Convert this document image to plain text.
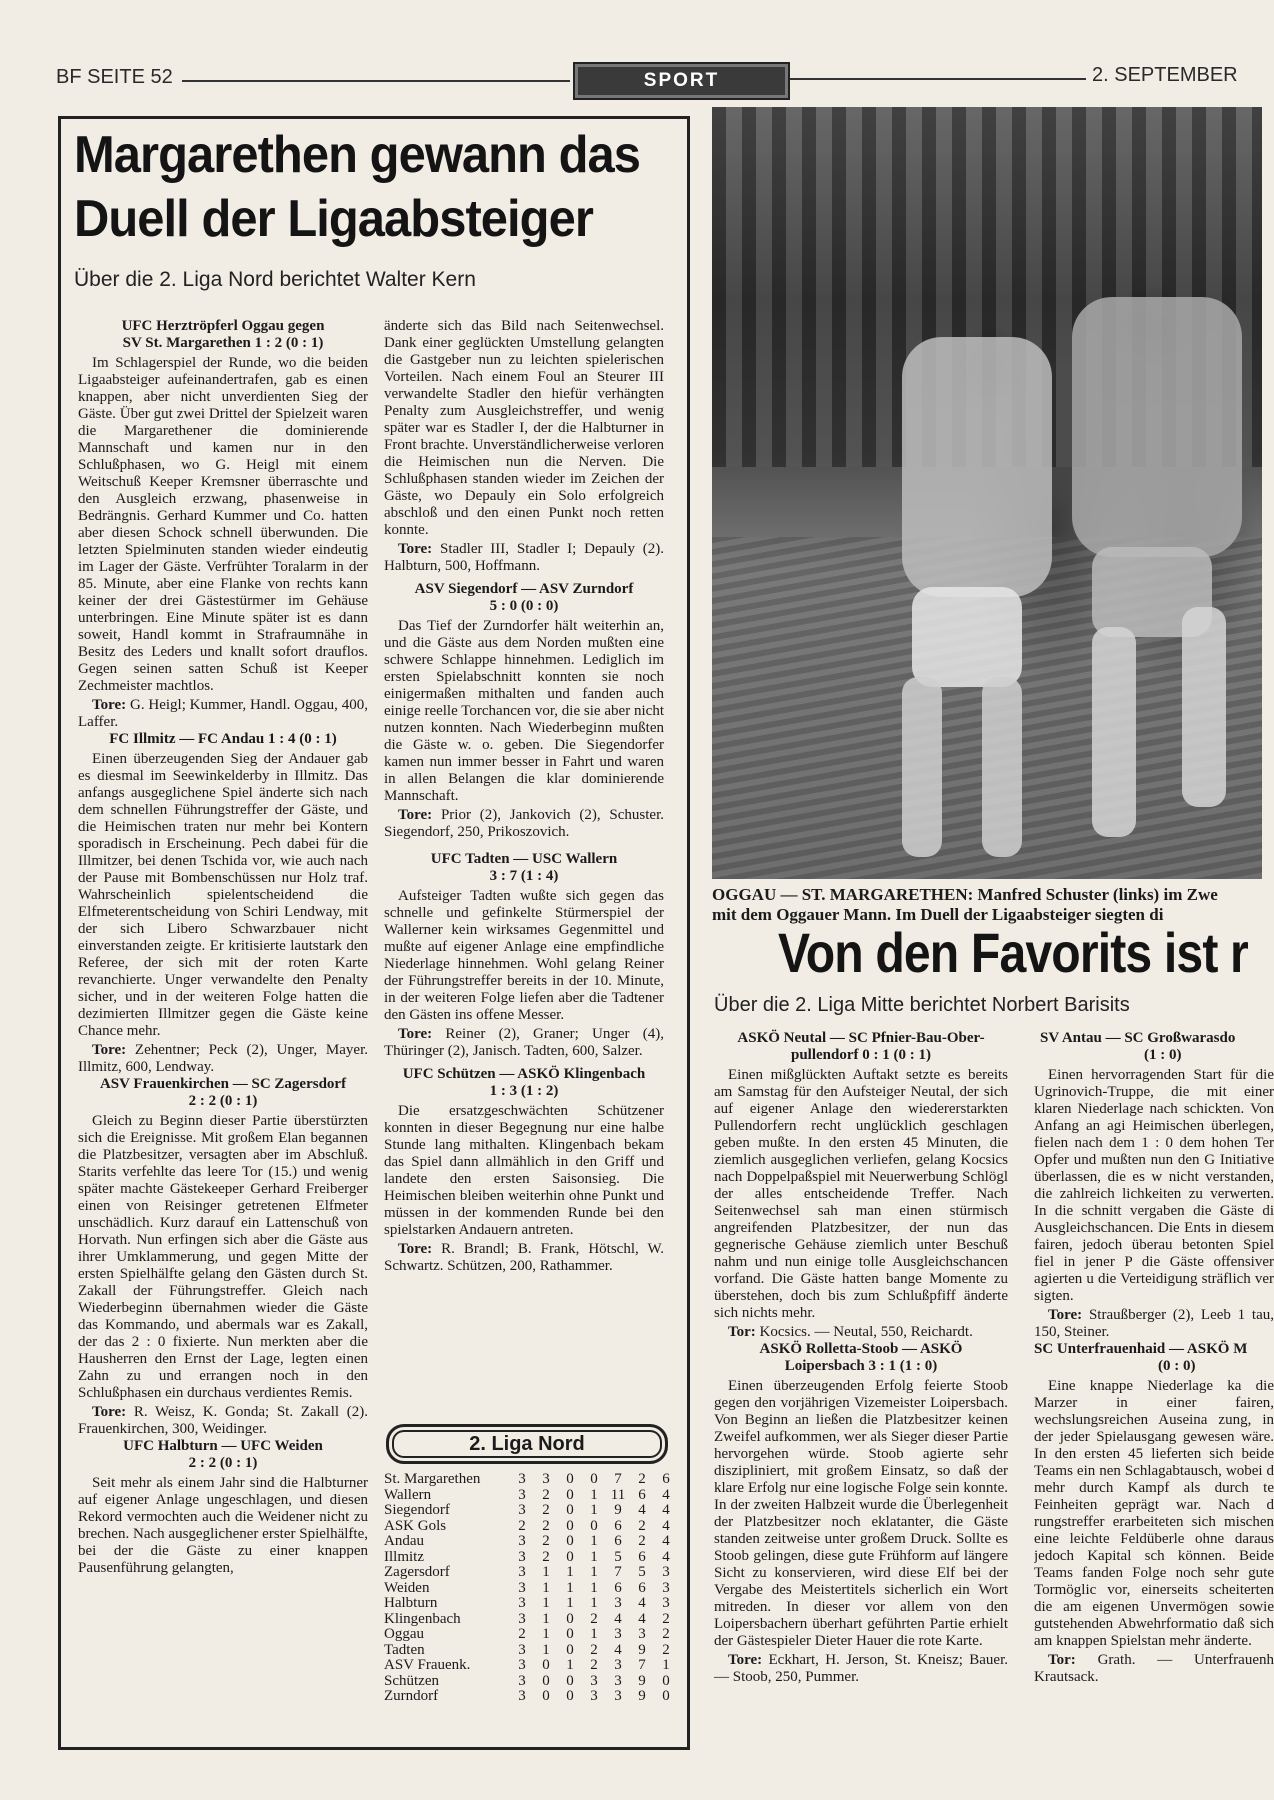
BF SEITE 52	SPORT	2. SEPTEMBER
Margarethen gewann das
Duell der Ligaabsteiger
Über die 2. Liga Nord berichtet Walter Kern
UFC Herztröpferl Oggau gegen
SV St. Margarethen 1 : 2 (0 : 1)

Im Schlagerspiel der Runde, wo die beiden Ligaabsteiger aufeinandertrafen, gab es einen knappen, aber nicht unverdienten Sieg der Gäste. Über gut zwei Drittel der Spielzeit waren die Margarethener die dominierende Mannschaft und kamen nur in den Schlußphasen, wo G. Heigl mit einem Weitschuß Keeper Kremsner überraschte und den Ausgleich erzwang, phasenweise in Bedrängnis. Gerhard Kummer und Co. hatten aber diesen Schock schnell überwunden. Die letzten Spielminuten standen wieder eindeutig im Lager der Gäste. Verfrühter Toralarm in der 85. Minute, aber eine Flanke von rechts kann keiner der drei Gästestürmer im Gehäuse unterbringen. Eine Minute später ist es dann soweit, Handl kommt in Strafraumnähe in Besitz des Leders und knallt sofort drauflos. Gegen seinen satten Schuß ist Keeper Zechmeister machtlos.

Tore: G. Heigl; Kummer, Handl. Oggau, 400, Laffer.
FC Illmitz — FC Andau 1 : 4 (0 : 1)

Einen überzeugenden Sieg der Andauer gab es diesmal im Seewinkelderby in Illmitz. Das anfangs ausgeglichene Spiel änderte sich nach dem schnellen Führungstreffer der Gäste, und die Heimischen traten nur mehr bei Kontern sporadisch in Erscheinung. Pech dabei für die Illmitzer, bei denen Tschida vor, wie auch nach der Pause mit Bombenschüssen nur Holz traf. Wahrscheinlich spielentscheidend die Elfmeterentscheidung von Schiri Lendway, mit der sich Libero Schwarzbauer nicht einverstanden zeigte. Er kritisierte lautstark den Referee, der sich mit der roten Karte revanchierte. Unger verwandelte den Penalty sicher, und in der weiteren Folge hatten die dezimierten Illmitzer gegen die Gäste keine Chance mehr.

Tore: Zehentner; Peck (2), Unger, Mayer. Illmitz, 600, Lendway.
ASV Frauenkirchen — SC Zagersdorf
2 : 2 (0 : 1)

Gleich zu Beginn dieser Partie überstürzten sich die Ereignisse. Mit großem Elan begannen die Platzbesitzer, versagten aber im Abschluß. Starits verfehlte das leere Tor (15.) und wenig später machte Gästekeeper Gerhard Freiberger einen von Reisinger getretenen Elfmeter unschädlich. Kurz darauf ein Lattenschuß von Horvath. Nun erfingen sich aber die Gäste aus ihrer Umklammerung, und gegen Mitte der ersten Spielhälfte gelang den Gästen durch St. Zakall der Führungstreffer. Gleich nach Wiederbeginn übernahmen wieder die Gäste das Kommando, und abermals war es Zakall, der das 2 : 0 fixierte. Nun merkten aber die Hausherren den Ernst der Lage, legten einen Zahn zu und errangen noch in den Schlußphasen ein durchaus verdientes Remis.

Tore: R. Weisz, K. Gonda; St. Zakall (2). Frauenkirchen, 300, Weidinger.
UFC Halbturn — UFC Weiden
2 : 2 (0 : 1)

Seit mehr als einem Jahr sind die Halbturner auf eigener Anlage ungeschlagen, und diesen Rekord vermochten auch die Weidener nicht zu brechen. Nach ausgeglichener erster Spielhälfte, bei der die Gäste zu einer knappen Pausenführung gelangten,

änderte sich das Bild nach Seitenwechsel. Dank einer geglückten Umstellung gelangten die Gastgeber nun zu leichten spielerischen Vorteilen. Nach einem Foul an Steurer III verwandelte Stadler den hiefür verhängten Penalty zum Ausgleichstreffer, und wenig später war es Stadler I, der die Halbturner in Front brachte. Unverständlicherweise verloren die Heimischen nun die Nerven. Die Schlußphasen standen wieder im Zeichen der Gäste, wo Depauly ein Solo erfolgreich abschloß und den einen Punkt noch retten konnte.

Tore: Stadler III, Stadler I; Depauly (2). Halbturn, 500, Hoffmann.
ASV Siegendorf — ASV Zurndorf
5 : 0 (0 : 0)

Das Tief der Zurndorfer hält weiterhin an, und die Gäste aus dem Norden mußten eine schwere Schlappe hinnehmen. Lediglich im ersten Spielabschnitt konnten sie noch einigermaßen mithalten und fanden auch einige reelle Torchancen vor, die sie aber nicht nutzen konnten. Nach Wiederbeginn mußten die Gäste w. o. geben. Die Siegendorfer kamen nun immer besser in Fahrt und waren in allen Belangen die klar dominierende Mannschaft.

Tore: Prior (2), Jankovich (2), Schuster. Siegendorf, 250, Prikoszovich.
UFC Tadten — USC Wallern
3 : 7 (1 : 4)

Aufsteiger Tadten wußte sich gegen das schnelle und gefinkelte Stürmerspiel der Wallerner kein wirksames Gegenmittel und mußte auf eigener Anlage eine empfindliche Niederlage hinnehmen. Wohl gelang Reiner der Führungstreffer bereits in der 10. Minute, in der weiteren Folge liefen aber die Tadtener den Gästen ins offene Messer.

Tore: Reiner (2), Graner; Unger (4), Thüringer (2), Janisch. Tadten, 600, Salzer.
UFC Schützen — ASKÖ Klingenbach
1 : 3 (1 : 2)

Die ersatzgeschwächten Schützener konnten in dieser Begegnung nur eine halbe Stunde lang mithalten. Klingenbach bekam das Spiel dann allmählich in den Griff und landete den ersten Saisonsieg. Die Heimischen bleiben weiterhin ohne Punkt und müssen in der kommenden Runde bei den spielstarken Andauern antreten.

Tore: R. Brandl; B. Frank, Hötschl, W. Schwartz. Schützen, 200, Rathammer.
2. Liga Nord
St. Margarethen	3	3	0	0	7	2	6
Wallern	3	2	0	1	11	6	4
Siegendorf	3	2	0	1	9	4	4
ASK Gols	2	2	0	0	6	2	4
Andau	3	2	0	1	6	2	4
Illmitz	3	2	0	1	5	6	4
Zagersdorf	3	1	1	1	7	5	3
Weiden	3	1	1	1	6	6	3
Halbturn	3	1	1	1	3	4	3
Klingenbach	3	1	0	2	4	4	2
Oggau	2	1	0	1	3	3	2
Tadten	3	1	0	2	4	9	2
ASV Frauenk.	3	0	1	2	3	7	1
Schützen	3	0	0	3	3	9	0
Zurndorf	3	0	0	3	3	9	0
OGGAU — ST. MARGARETHEN: Manfred Schuster (links) im Zwe
mit dem Oggauer Mann. Im Duell der Ligaabsteiger siegten di
Von den Favorits ist r
Über die 2. Liga Mitte berichtet Norbert Barisits
ASKÖ Neutal — SC Pfnier-Bau-Ober-
pullendorf 0 : 1 (0 : 1)

Einen mißglückten Auftakt setzte es bereits am Samstag für den Aufsteiger Neutal, der sich auf eigener Anlage den wiedererstarkten Pullendorfern recht unglücklich geschlagen geben mußte. In den ersten 45 Minuten, die ziemlich ausgeglichen verliefen, gelang Kocsics nach Doppelpaßspiel mit Neuerwerbung Schlögl der alles entscheidende Treffer. Nach Seitenwechsel sah man einen stürmisch angreifenden Platzbesitzer, der nun das gegnerische Gehäuse ziemlich unter Beschuß nahm und nun einige tolle Ausgleichschancen vorfand. Die Gäste hatten bange Momente zu überstehen, doch bis zum Schlußpfiff änderte sich nichts mehr.

Tor: Kocsics. — Neutal, 550, Reichardt.
ASKÖ Rolletta-Stoob — ASKÖ
Loipersbach 3 : 1 (1 : 0)

Einen überzeugenden Erfolg feierte Stoob gegen den vorjährigen Vizemeister Loipersbach. Von Beginn an ließen die Platzbesitzer keinen Zweifel aufkommen, wer als Sieger dieser Partie hervorgehen würde. Stoob agierte sehr diszipliniert, mit großem Einsatz, so daß der klare Erfolg nur eine logische Folge sein konnte. In der zweiten Halbzeit wurde die Überlegenheit der Platzbesitzer noch eklatanter, die Gäste standen zeitweise unter großem Druck. Sollte es Stoob gelingen, diese gute Frühform auf längere Sicht zu konservieren, wird diese Elf bei der Vergabe des Meistertitels sicherlich ein Wort mitreden. In dieser vor allem von den Loipersbachern überhart geführten Partie erhielt der Gästespieler Dieter Hauer die rote Karte.

Tore: Eckhart, H. Jerson, St. Kneisz; Bauer. — Stoob, 250, Pummer.
SV Antau — SC Großwarasdo
(1 : 0)

Einen hervorragenden Start für die Ugrinovich-Truppe, die mit einer klaren Niederlage nach schickten. Von Anfang an agi Heimischen überlegen, fielen nach dem 1 : 0 dem hohen Ter Opfer und mußten nun den G Initiative überlassen, die es w nicht verstanden, die zahlreich lichkeiten zu verwerten. In die schnitt vergaben die Gäste di Ausgleichschancen. Die Ents in diesem fairen, jedoch überau betonten Spiel fiel in jener P die Gäste offensiver agierten u die Verteidigung sträflich ver sigten.

Tore: Straußberger (2), Leeb 1 tau, 150, Steiner.
SC Unterfrauenhaid — ASKÖ M
(0 : 0)

Eine knappe Niederlage ka die Marzer in einer fairen, wechslungsreichen Auseina zung, in der jeder Spielausgang gewesen wäre. In den ersten 45 lieferten sich beide Teams ein nen Schlagabtausch, wobei d mehr durch Kampf als durch te Feinheiten geprägt war. Nach d rungstreffer erarbeiteten sich mischen eine leichte Feldüberle ohne daraus jedoch Kapital sch können. Beide Teams fanden Folge noch sehr gute Tormöglic vor, einerseits scheiterten die am eigenen Unvermögen sowie gutstehenden Abwehrformatio daß sich am knappen Spielstan mehr änderte.

Tor: Grath. — Unterfrauenh Krautsack.
